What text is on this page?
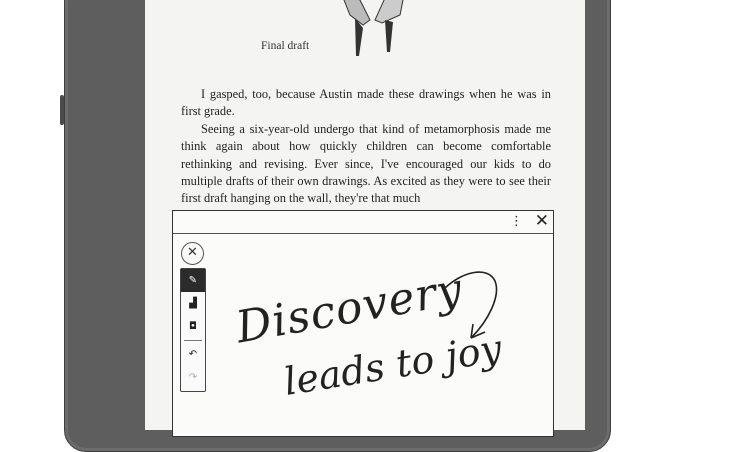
Final draft

I gasped, too, because Austin made these drawings when he was in first grade.

Seeing a six-year-old undergo that kind of metamorphosis made me think again about how quickly children can become comfortable rethinking and revising. Ever since, I've encouraged our kids to do multiple drafts of their own drawings. As excited as they were to see their first draft hanging on the wall, they're that much

⋮ ✕
✕
✎
▟
◘
↶
↷
Discovery
leads to joy
